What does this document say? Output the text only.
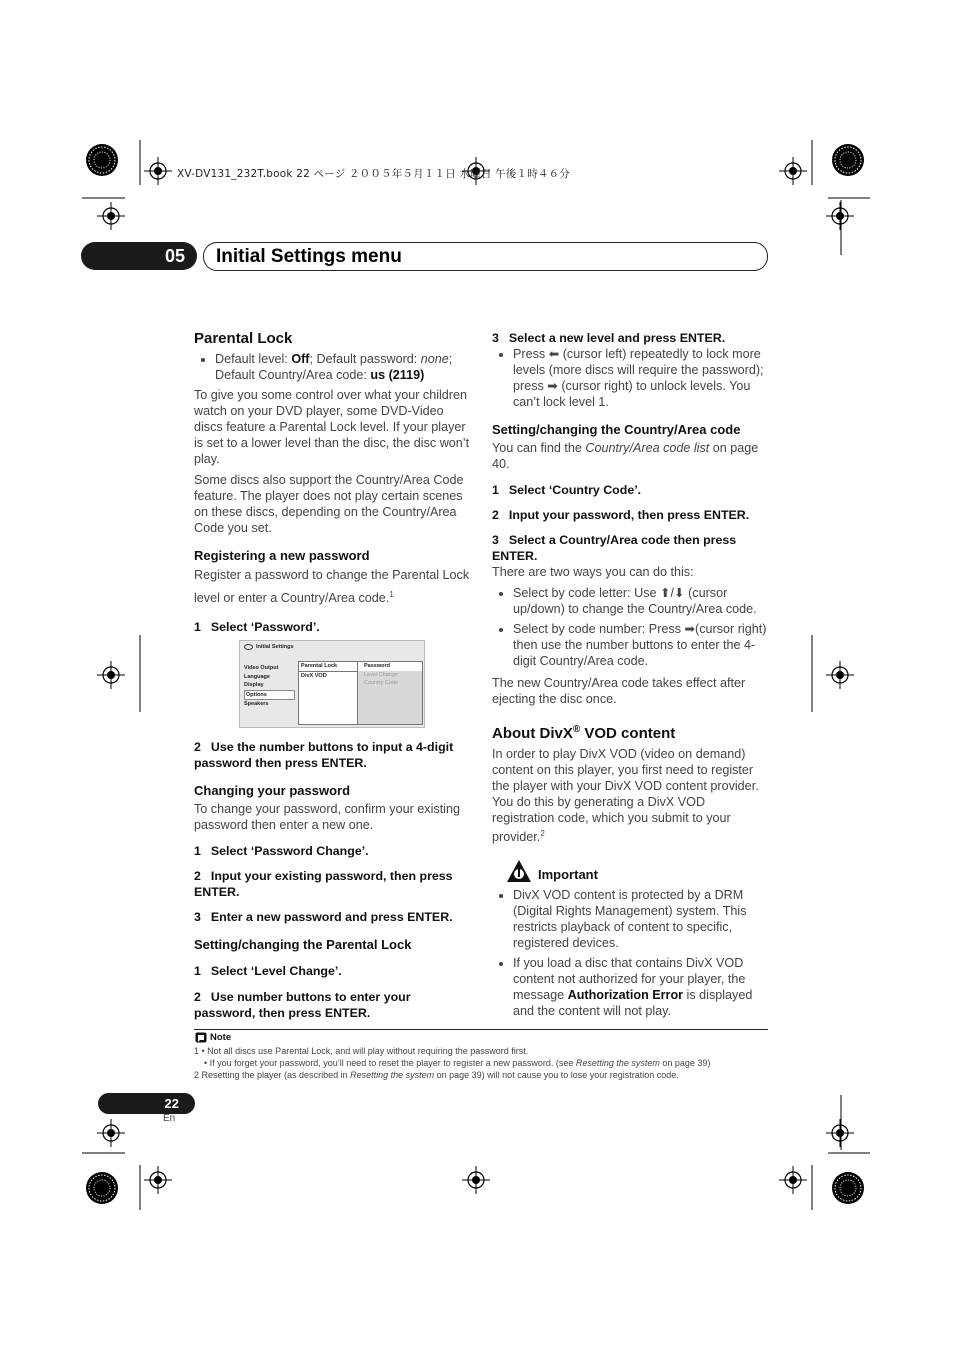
XV-DV131_232T.book 22 ページ ２００５年５月１１日 水曜日 午後１時４６分
05 Initial Settings menu
Parental Lock
• Default level: Off; Default password: none; Default Country/Area code: us (2119)

To give you some control over what your children watch on your DVD player, some DVD-Video discs feature a Parental Lock level. If your player is set to a lower level than the disc, the disc won’t play.

Some discs also support the Country/Area Code feature. The player does not play certain scenes on these discs, depending on the Country/Area Code you set.

Registering a new password

Register a password to change the Parental Lock level or enter a Country/Area code.$^1$

1 Select ‘Password’.
Initial Settings
Video Output
Language
Display
Options
Speakers
Parental Lock
DivX VOD
Password
Level Change
Country Code
2 Use the number buttons to input a 4-digit password then press ENTER.
Changing your password

To change your password, confirm your existing password then enter a new one.

1 Select ‘Password Change’.
2 Input your existing password, then press ENTER.
3 Enter a new password and press ENTER.
Setting/changing the Parental Lock
1 Select ‘Level Change’.
2 Use number buttons to enter your password, then press ENTER.
3 Select a new level and press ENTER.
• Press ⬅ (cursor left) repeatedly to lock more levels (more discs will require the password); press ➡ (cursor right) to unlock levels. You can’t lock level 1.
Setting/changing the Country/Area code

You can find the Country/Area code list on page 40.

1 Select ‘Country Code’.
2 Input your password, then press ENTER.
3 Select a Country/Area code then press ENTER.

There are two ways you can do this:

• Select by code letter: Use ⬆/⬇ (cursor up/down) to change the Country/Area code.
• Select by code number: Press ➡(cursor right) then use the number buttons to enter the 4-digit Country/Area code.

The new Country/Area code takes effect after ejecting the disc once.

About DivX® VOD content

In order to play DivX VOD (video on demand) content on this player, you first need to register the player with your DivX VOD content provider. You do this by generating a DivX VOD registration code, which you submit to your provider.$^2$

Important
• DivX VOD content is protected by a DRM (Digital Rights Management) system. This restricts playback of content to specific, registered devices.
• If you load a disc that contains DivX VOD content not authorized for your player, the message Authorization Error is displayed and the content will not play.
Note
1 • Not all discs use Parental Lock, and will play without requiring the password first.
• If you forget your password, you’ll need to reset the player to register a new password. (see Resetting the system on page 39)
2 Resetting the player (as described in Resetting the system on page 39) will not cause you to lose your registration code.
22
En
